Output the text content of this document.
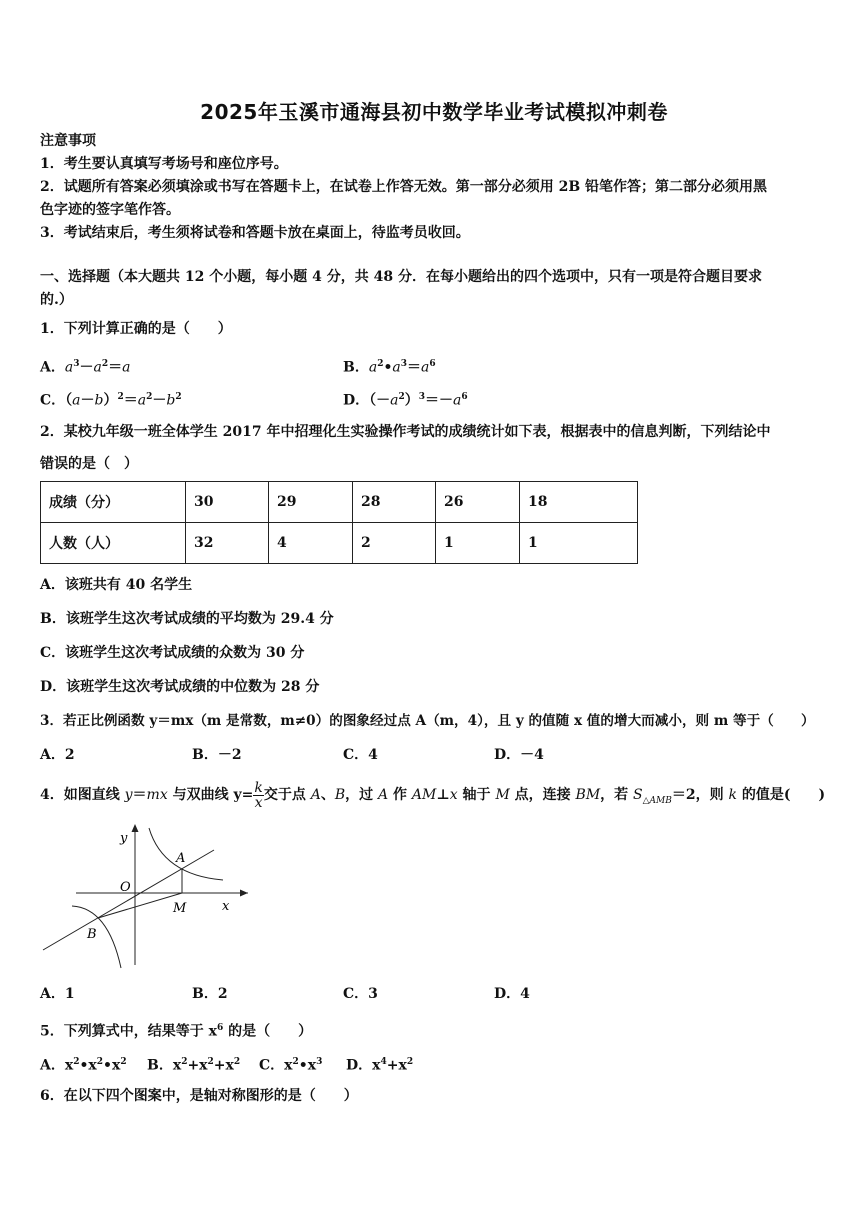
2025年玉溪市通海县初中数学毕业考试模拟冲刺卷
注意事项
1．考生要认真填写考场号和座位序号。
2．试题所有答案必须填涂或书写在答题卡上，在试卷上作答无效。第一部分必须用 2B 铅笔作答；第二部分必须用黑
色字迹的签字笔作答。
3．考试结束后，考生须将试卷和答题卡放在桌面上，待监考员收回。
一、选择题（本大题共 12 个小题，每小题 4 分，共 48 分．在每小题给出的四个选项中，只有一项是符合题目要求
的.）
1．下列计算正确的是（　　）
A．$a^3-a^2=a$	B．$a^2•a^3=a^6$
C．$(a-b)^2=a^2-b^2$	D．$(-a^2)^3=-a^6$
2．某校九年级一班全体学生 2017 年中招理化生实验操作考试的成绩统计如下表，根据表中的信息判断，下列结论中
错误的是（　）
成绩（分）	30	29	28	26	18
人数（人）	32	4	2	1	1
A．该班共有 40 名学生
B．该班学生这次考试成绩的平均数为 29.4 分
C．该班学生这次考试成绩的众数为 30 分
D．该班学生这次考试成绩的中位数为 28 分
3．若正比例函数 y＝mx（m 是常数，m≠0）的图象经过点 A（m，4），且 y 的值随 x 值的增大而减小，则 m 等于（　　）
A．2	B．－2	C．4	D．－4
4．如图直线 y＝mx 与双曲线 $y= \frac{k}{x}$ 交于点 A、B，过 A 作 AM⊥x 轴于 M 点，连接 BM，若 $S_{\triangle AMB}=2$，则 k 的值是(　　)
y
x
O
A
M
B
A．1	B．2	C．3	D．4
5．下列算式中，结果等于 $x^6$ 的是（　　）
A．$x^2•x^2•x^2$ B．$x^2+x^2+x^2$ C．$x^2•x^3$ D．$x^4+x^2$
6．在以下四个图案中，是轴对称图形的是（　　）
